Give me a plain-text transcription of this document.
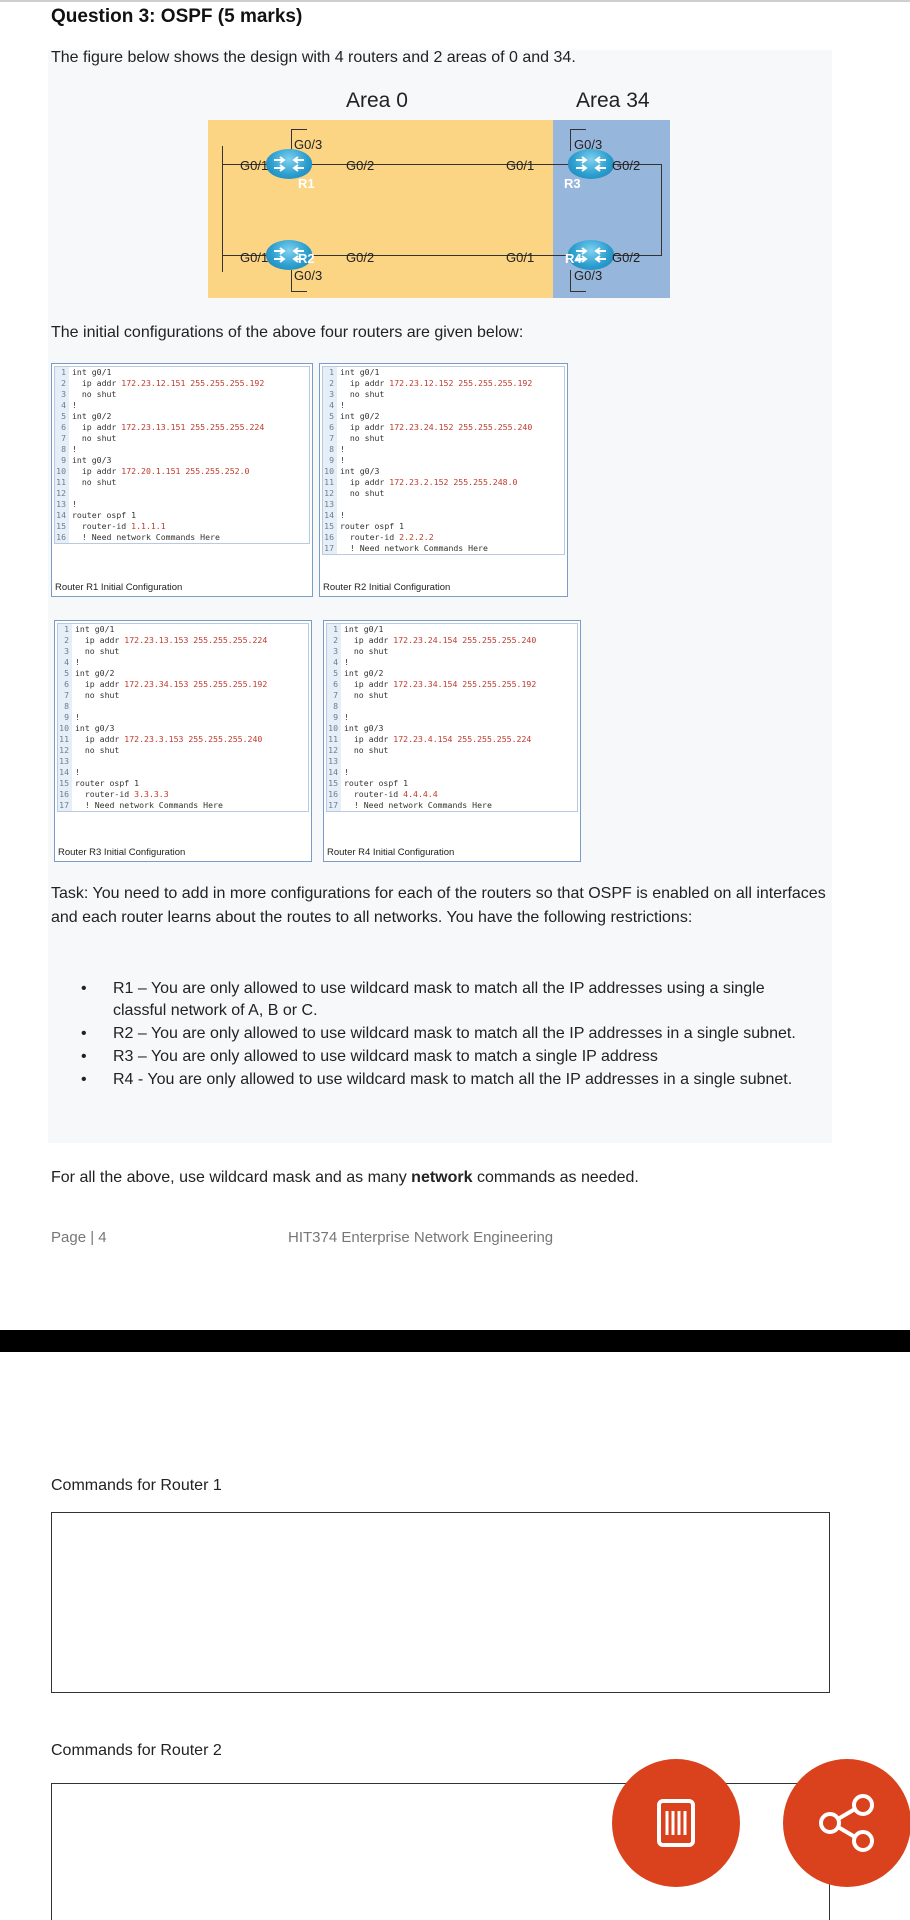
Question 3: OSPF (5 marks)
The figure below shows the design with 4 routers and 2 areas of 0 and 34.
Area 0	Area 34
R1
R2
R3
R4
G0/3
G0/1	G0/2
G0/1	G0/2
G0/3
G0/3
G0/1	G0/2
G0/1	G0/2
G0/3
The initial configurations of the above four routers are given below:
1 int g0/1
2 ip addr 172.23.12.151 255.255.255.192
3 no shut
4 !
5 int g0/2
6 ip addr 172.23.13.151 255.255.255.224
7 no shut
8 !
9 int g0/3
10 ip addr 172.20.1.151 255.255.252.0
11 no shut
12
13 !
14 router ospf 1
15 router-id 1.1.1.1
16 ! Need network Commands Here
Router R1 Initial Configuration
1 int g0/1
2 ip addr 172.23.12.152 255.255.255.192
3 no shut
4 !
5 int g0/2
6 ip addr 172.23.24.152 255.255.255.240
7 no shut
8 !
9 !
10 int g0/3
11 ip addr 172.23.2.152 255.255.248.0
12 no shut
13
14 !
15 router ospf 1
16 router-id 2.2.2.2
17 ! Need network Commands Here
Router R2 Initial Configuration
1 int g0/1
2 ip addr 172.23.13.153 255.255.255.224
3 no shut
4 !
5 int g0/2
6 ip addr 172.23.34.153 255.255.255.192
7 no shut
8
9 !
10 int g0/3
11 ip addr 172.23.3.153 255.255.255.240
12 no shut
13
14 !
15 router ospf 1
16 router-id 3.3.3.3
17 ! Need network Commands Here
Router R3 Initial Configuration
1 int g0/1
2 ip addr 172.23.24.154 255.255.255.240
3 no shut
4 !
5 int g0/2
6 ip addr 172.23.34.154 255.255.255.192
7 no shut
8
9 !
10 int g0/3
11 ip addr 172.23.4.154 255.255.255.224
12 no shut
13
14 !
15 router ospf 1
16 router-id 4.4.4.4
17 ! Need network Commands Here
Router R4 Initial Configuration
Task: You need to add in more configurations for each of the routers so that OSPF is enabled on all interfaces and each router learns about the routes to all networks. You have the following restrictions:
• R1 – You are only allowed to use wildcard mask to match all the IP addresses using a single classful network of A, B or C.
• R2 – You are only allowed to use wildcard mask to match all the IP addresses in a single subnet.
• R3 – You are only allowed to use wildcard mask to match a single IP address
• R4 - You are only allowed to use wildcard mask to match all the IP addresses in a single subnet.
For all the above, use wildcard mask and as many network commands as needed.
Page | 4	HIT374 Enterprise Network Engineering
Commands for Router 1
Commands for Router 2
